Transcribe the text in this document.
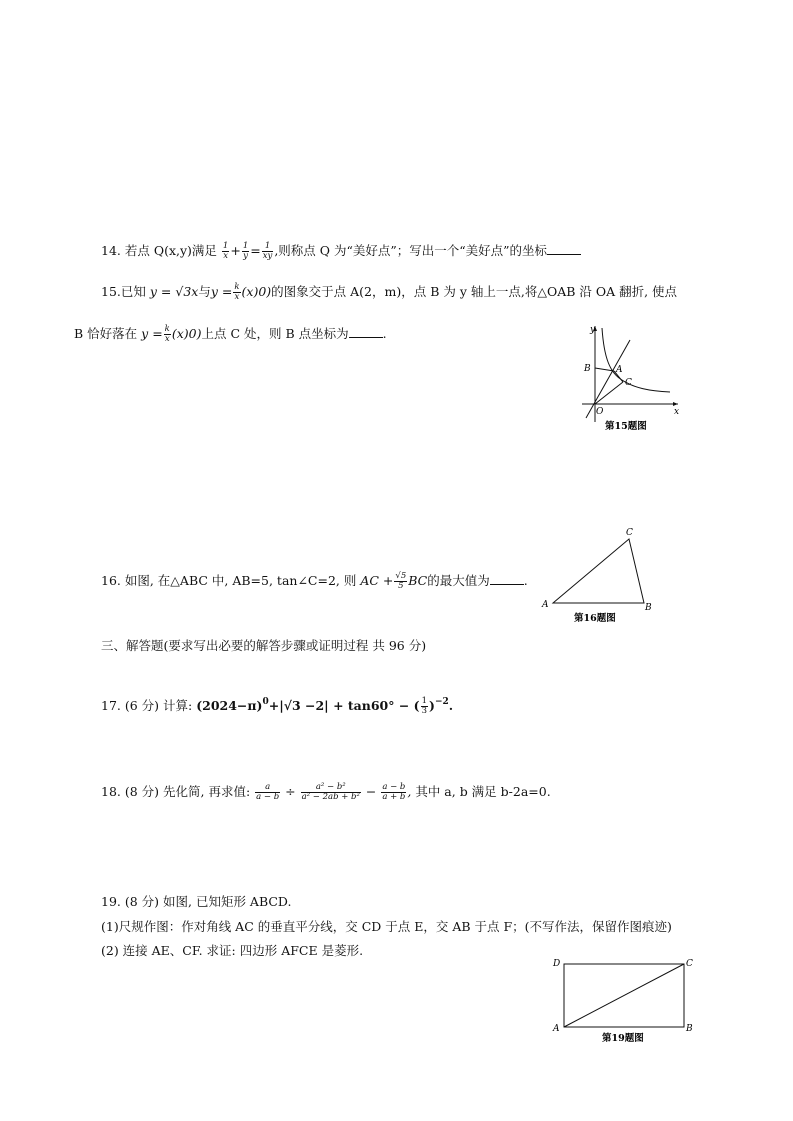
14. 若点 Q(x,y)满足 $\frac{1}{x} + \frac{1}{y} = \frac{1}{xy}$ ,则称点 Q 为“美好点”；写出一个“美好点”的坐标
15.已知 y = √3x与$y = \frac{k}{x} (x)0$)的图象交于点 A(2，m)，点 B 为 y 轴上一点,将△OAB 沿 OA 翻折, 使点
B 恰好落在 $y = \frac{k}{x} (x)0$)上点 C 处，则 B 点坐标为	.	y
x
O
B	A
C
第15题图
A	B
C
第16题图
16. 如图, 在△ABC 中, AB=5, tan∠C=2, 则 AC + $\frac{√5}{5}$ BC的最大值为	.
三、解答题(要求写出必要的解答步骤或证明过程 共 96 分)
17. (6 分) 计算: $(2024-\pi)^0+|√3 -2| + \tan 60^\circ$ − ( $\frac{1}{3} )^{-2}$.
18. (8 分) 先化简, 再求值: $\frac{a}{a - b} \div \frac{\text{a² − b²}}{\text{a² − 2ab + b²}} - \frac{a - b}{a + b}$ , 其中 a, b 满足 b-2a=0.
19. (8 分) 如图, 已知矩形 ABCD.
(1)尺规作图：作对角线 AC 的垂直平分线，交 CD 于点 E，交 AB 于点 F；(不写作法，保留作图痕迹)
(2) 连接 AE、CF. 求证: 四边形 AFCE 是菱形.
D	C
A	B
第19题图
